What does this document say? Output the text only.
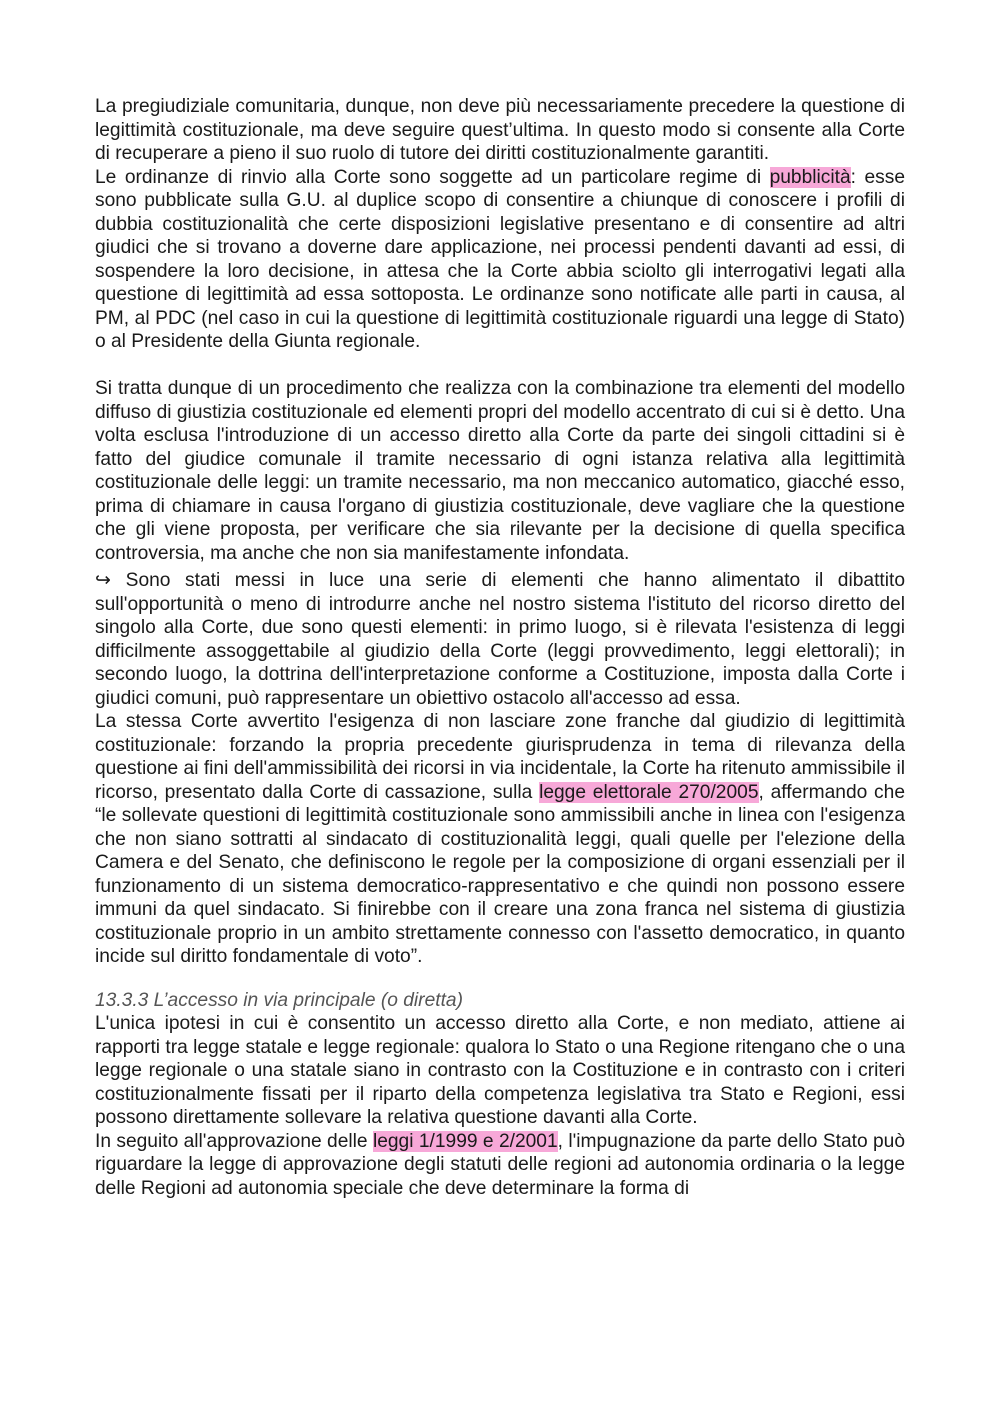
La pregiudiziale comunitaria, dunque, non deve più necessariamente precedere la questione di legittimità costituzionale, ma deve seguire quest’ultima. In questo modo si consente alla Corte di recuperare a pieno il suo ruolo di tutore dei diritti costituzionalmente garantiti.

Le ordinanze di rinvio alla Corte sono soggette ad un particolare regime di pubblicità: esse sono pubblicate sulla G.U. al duplice scopo di consentire a chiunque di conoscere i profili di dubbia costituzionalità che certe disposizioni legislative presentano e di consentire ad altri giudici che si trovano a doverne dare applicazione, nei processi pendenti davanti ad essi, di sospendere la loro decisione, in attesa che la Corte abbia sciolto gli interrogativi legati alla questione di legittimità ad essa sottoposta. Le ordinanze sono notificate alle parti in causa, al PM, al PDC (nel caso in cui la questione di legittimità costituzionale riguardi una legge di Stato) o al Presidente della Giunta regionale.

Si tratta dunque di un procedimento che realizza con la combinazione tra elementi del modello diffuso di giustizia costituzionale ed elementi propri del modello accentrato di cui si è detto. Una volta esclusa l'introduzione di un accesso diretto alla Corte da parte dei singoli cittadini si è fatto del giudice comunale il tramite necessario di ogni istanza relativa alla legittimità costituzionale delle leggi: un tramite necessario, ma non meccanico automatico, giacché esso, prima di chiamare in causa l'organo di giustizia costituzionale, deve vagliare che la questione che gli viene proposta, per verificare che sia rilevante per la decisione di quella specifica controversia, ma anche che non sia manifestamente infondata.

↪ Sono stati messi in luce una serie di elementi che hanno alimentato il dibattito sull'opportunità o meno di introdurre anche nel nostro sistema l'istituto del ricorso diretto del singolo alla Corte, due sono questi elementi: in primo luogo, si è rilevata l'esistenza di leggi difficilmente assoggettabile al giudizio della Corte (leggi provvedimento, leggi elettorali); in secondo luogo, la dottrina dell'interpretazione conforme a Costituzione, imposta dalla Corte i giudici comuni, può rappresentare un obiettivo ostacolo all'accesso ad essa.

La stessa Corte avvertito l'esigenza di non lasciare zone franche dal giudizio di legittimità costituzionale: forzando la propria precedente giurisprudenza in tema di rilevanza della questione ai fini dell'ammissibilità dei ricorsi in via incidentale, la Corte ha ritenuto ammissibile il ricorso, presentato dalla Corte di cassazione, sulla legge elettorale 270/2005, affermando che “le sollevate questioni di legittimità costituzionale sono ammissibili anche in linea con l'esigenza che non siano sottratti al sindacato di costituzionalità leggi, quali quelle per l'elezione della Camera e del Senato, che definiscono le regole per la composizione di organi essenziali per il funzionamento di un sistema democratico-rappresentativo e che quindi non possono essere immuni da quel sindacato. Si finirebbe con il creare una zona franca nel sistema di giustizia costituzionale proprio in un ambito strettamente connesso con l'assetto democratico, in quanto incide sul diritto fondamentale di voto”.

13.3.3 L’accesso in via principale (o diretta)

L'unica ipotesi in cui è consentito un accesso diretto alla Corte, e non mediato, attiene ai rapporti tra legge statale e legge regionale: qualora lo Stato o una Regione ritengano che o una legge regionale o una statale siano in contrasto con la Costituzione e in contrasto con i criteri costituzionalmente fissati per il riparto della competenza legislativa tra Stato e Regioni, essi possono direttamente sollevare la relativa questione davanti alla Corte.

In seguito all'approvazione delle leggi 1/1999 e 2/2001, l'impugnazione da parte dello Stato può riguardare la legge di approvazione degli statuti delle regioni ad autonomia ordinaria o la legge delle Regioni ad autonomia speciale che deve determinare la forma di
